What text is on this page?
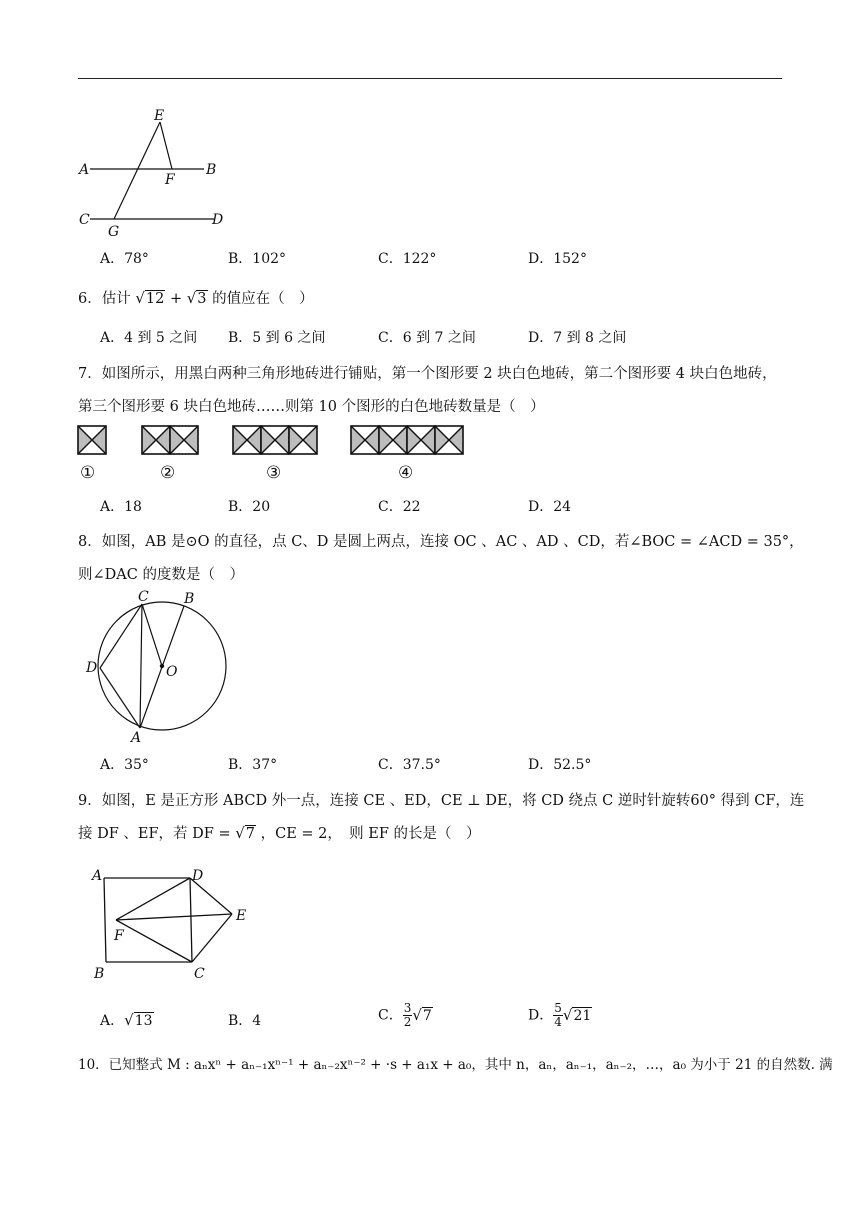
E
A	B
F
C	D
G
A．78°	B．102°	C．122°	D．152°
6．估计 √12 + √3 的值应在（　）
A．4 到 5 之间 B．5 到 6 之间	C．6 到 7 之间	D．7 到 8 之间
7．如图所示，用黑白两种三角形地砖进行铺贴，第一个图形要 2 块白色地砖，第二个图形要 4 块白色地砖，
第三个图形要 6 块白色地砖……则第 10 个图形的白色地砖数量是（　）
①	②	③	④
A．18	B．20	C．22	D．24
8．如图，AB 是⊙O 的直径，点 C、D 是圆上两点，连接 OC 、AC 、AD 、CD，若∠BOC = ∠ACD = 35°，
则∠DAC 的度数是（　）
C	B
D	O
A
A．35°	B．37°	C．37.5°	D．52.5°
9．如图，E 是正方形 ABCD 外一点，连接 CE 、ED，CE ⊥ DE，将 CD 绕点 C 逆时针旋转60° 得到 CF，连
接 DF 、EF，若 DF = √7 ，CE = 2，　则 EF 的长是（　）
A	D
E
F
B	C
A．√13	B．4	C． $\frac{3}{2} √7$	D． $\frac{5}{4} √21$
10．已知整式 M : aₙxⁿ + aₙ₋₁xⁿ⁻¹ + aₙ₋₂xⁿ⁻² + ·s + a₁x + a₀，其中 n，aₙ，aₙ₋₁，aₙ₋₂，…，a₀ 为小于 21 的自然数. 满
